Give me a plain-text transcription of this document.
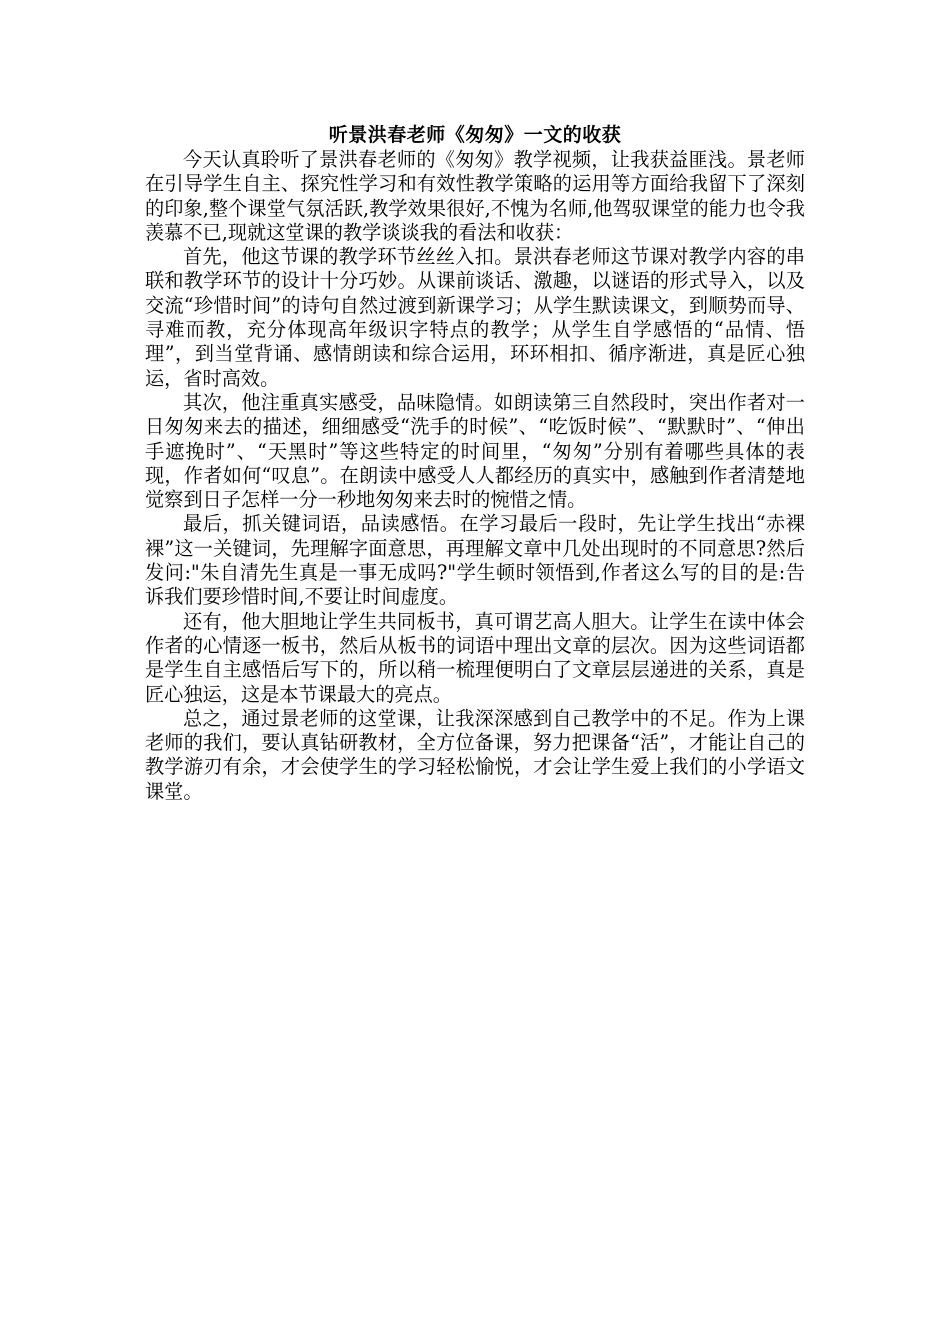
听景洪春老师《匆匆》一文的收获

今天认真聆听了景洪春老师的《匆匆》教学视频，让我获益匪浅。景老师在引导学生自主、探究性学习和有效性教学策略的运用等方面给我留下了深刻的印象,整个课堂气氛活跃,教学效果很好,不愧为名师,他驾驭课堂的能力也令我羡慕不已,现就这堂课的教学谈谈我的看法和收获：

首先，他这节课的教学环节丝丝入扣。景洪春老师这节课对教学内容的串联和教学环节的设计十分巧妙。从课前谈话、激趣，以谜语的形式导入，以及交流“珍惜时间”的诗句自然过渡到新课学习；从学生默读课文，到顺势而导、寻难而教，充分体现高年级识字特点的教学；从学生自学感悟的“品情、悟理”，到当堂背诵、感情朗读和综合运用，环环相扣、循序渐进，真是匠心独运，省时高效。

其次，他注重真实感受，品味隐情。如朗读第三自然段时，突出作者对一日匆匆来去的描述，细细感受“洗手的时候”、“吃饭时候”、“默默时”、“伸出手遮挽时”、“天黑时”等这些特定的时间里，“匆匆”分别有着哪些具体的表现，作者如何“叹息”。在朗读中感受人人都经历的真实中，感触到作者清楚地觉察到日子怎样一分一秒地匆匆来去时的惋惜之情。

最后，抓关键词语，品读感悟。在学习最后一段时，先让学生找出“赤裸裸”这一关键词，先理解字面意思，再理解文章中几处出现时的不同意思?然后发问:"朱自清先生真是一事无成吗?"学生顿时领悟到,作者这么写的目的是:告诉我们要珍惜时间,不要让时间虚度。

还有，他大胆地让学生共同板书，真可谓艺高人胆大。让学生在读中体会作者的心情逐一板书，然后从板书的词语中理出文章的层次。因为这些词语都是学生自主感悟后写下的，所以稍一梳理便明白了文章层层递进的关系，真是匠心独运，这是本节课最大的亮点。

总之，通过景老师的这堂课，让我深深感到自己教学中的不足。作为上课老师的我们，要认真钻研教材，全方位备课，努力把课备“活”，才能让自己的教学游刃有余，才会使学生的学习轻松愉悦，才会让学生爱上我们的小学语文课堂。
